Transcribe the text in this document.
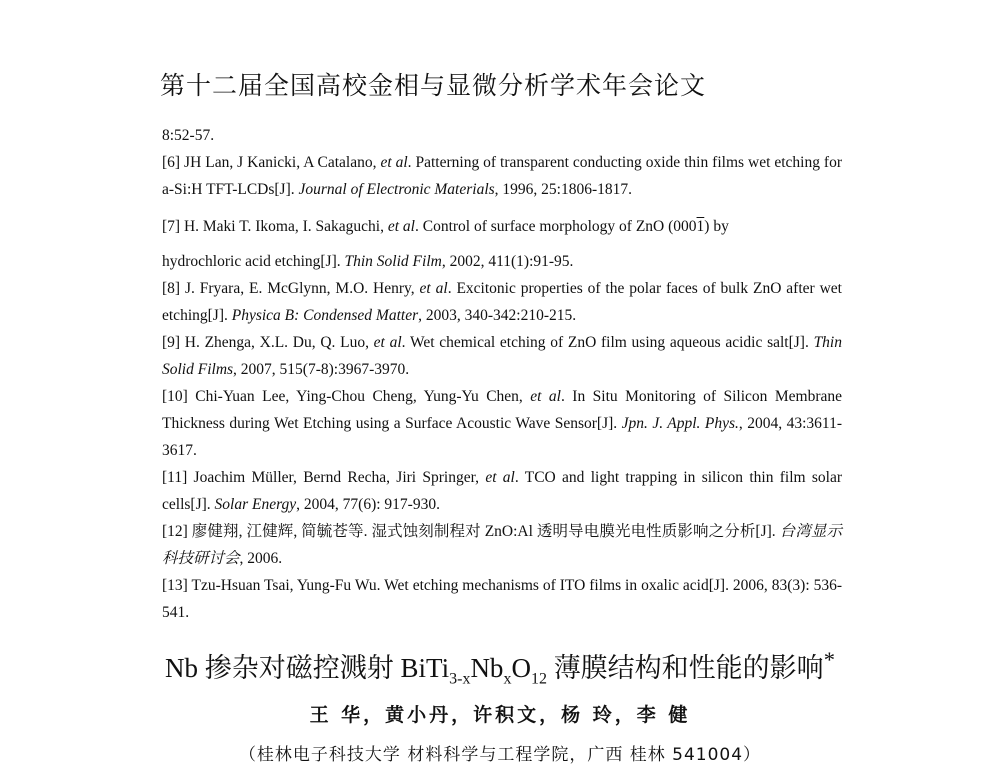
第十二届全国高校金相与显微分析学术年会论文

8:52-57.

[6] JH Lan, J Kanicki, A Catalano, et al. Patterning of transparent conducting oxide thin films wet etching for a-Si:H TFT-LCDs[J]. Journal of Electronic Materials, 1996, 25:1806-1817.

[7] H. Maki T. Ikoma, I. Sakaguchi, et al. Control of surface morphology of ZnO (0001) by

hydrochloric acid etching[J]. Thin Solid Film, 2002, 411(1):91-95.

[8] J. Fryara, E. McGlynn, M.O. Henry, et al. Excitonic properties of the polar faces of bulk ZnO after wet etching[J]. Physica B: Condensed Matter, 2003, 340-342:210-215.

[9] H. Zhenga, X.L. Du, Q. Luo, et al. Wet chemical etching of ZnO film using aqueous acidic salt[J]. Thin Solid Films, 2007, 515(7-8):3967-3970.

[10] Chi-Yuan Lee, Ying-Chou Cheng, Yung-Yu Chen, et al. In Situ Monitoring of Silicon Membrane Thickness during Wet Etching using a Surface Acoustic Wave Sensor[J]. Jpn. J. Appl. Phys., 2004, 43:3611-3617.

[11] Joachim Müller, Bernd Recha, Jiri Springer, et al. TCO and light trapping in silicon thin film solar cells[J]. Solar Energy, 2004, 77(6): 917-930.

[12] 廖健翔, 江健辉, 简毓苍等. 湿式蚀刻制程对 ZnO:Al 透明导电膜光电性质影响之分析[J]. 台湾显示科技研讨会, 2006.

[13] Tzu-Hsuan Tsai, Yung-Fu Wu. Wet etching mechanisms of ITO films in oxalic acid[J]. 2006, 83(3): 536-541.

Nb 掺杂对磁控溅射 $BiTi_{3-x}Nb_xO_{12}$ 薄膜结构和性能的影响*
王 华，黄小丹，许积文，杨 玲，李 健
（桂林电子科技大学 材料科学与工程学院，广西 桂林 541004）
